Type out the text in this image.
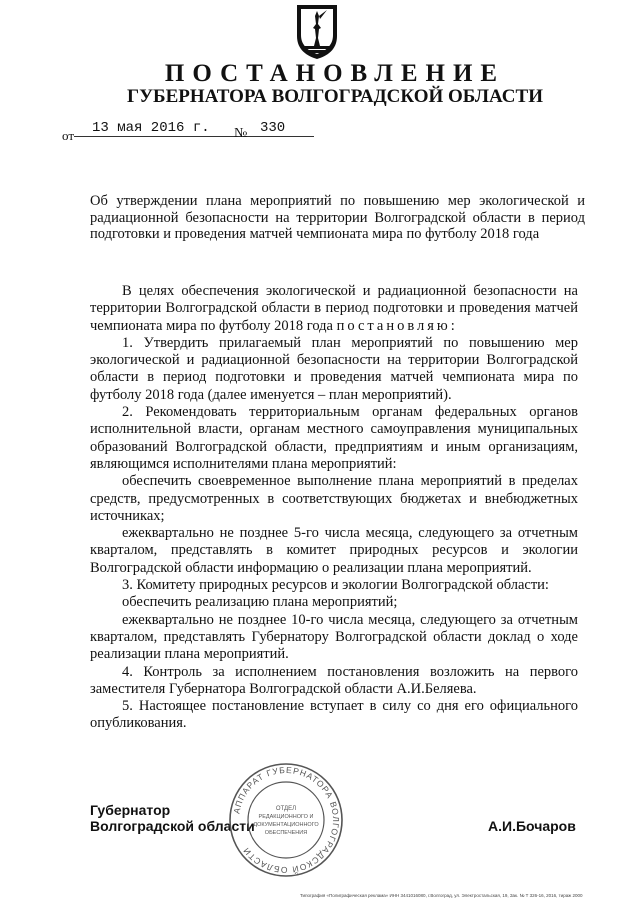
ПОСТАНОВЛЕНИЕ
ГУБЕРНАТОРА ВОЛГОГРАДСКОЙ ОБЛАСТИ
от	13 мая 2016 г.	№ 330
Об утверждении плана мероприятий по повышению мер экологической и радиационной безопасности на территории Волгоградской области в период подготовки и проведения матчей чемпионата мира по футболу 2018 года

В целях обеспечения экологической и радиационной безопасности на территории Волгоградской области в период подготовки и проведения матчей чемпионата мира по футболу 2018 года постановляю:

1. Утвердить прилагаемый план мероприятий по повышению мер экологической и радиационной безопасности на территории Волгоградской области в период подготовки и проведения матчей чемпионата мира по футболу 2018 года (далее именуется – план мероприятий).

2. Рекомендовать территориальным органам федеральных органов исполнительной власти, органам местного самоуправления муниципальных образований Волгоградской области, предприятиям и иным организациям, являющимся исполнителями плана мероприятий:

обеспечить своевременное выполнение плана мероприятий в пределах средств, предусмотренных в соответствующих бюджетах и внебюджетных источниках;

ежеквартально не позднее 5-го числа месяца, следующего за отчетным кварталом, представлять в комитет природных ресурсов и экологии Волгоградской области информацию о реализации плана мероприятий.

3. Комитету природных ресурсов и экологии Волгоградской области:

обеспечить реализацию плана мероприятий;

ежеквартально не позднее 10-го числа месяца, следующего за отчетным кварталом, представлять Губернатору Волгоградской области доклад о ходе реализации плана мероприятий.

4. Контроль за исполнением постановления возложить на первого заместителя Губернатора Волгоградской области А.И.Беляева.

5. Настоящее постановление вступает в силу со дня его официального опубликования.

Губернатор
Волгоградской области	А.И.Бочаров
АППАРАТ ГУБЕРНАТОРА ВОЛГОГРАДСКОЙ ОБЛАСТИ
ОТДЕЛ
РЕДАКЦИОННОГО И
ДОКУМЕНТАЦИОННОГО
ОБЕСПЕЧЕНИЯ
Типография «Полиграфическая реклама» ИНН 3441016080, г.Волгоград, ул. Электростальская, 19, Зак. № Т 326-16, 2016, тираж 2000
